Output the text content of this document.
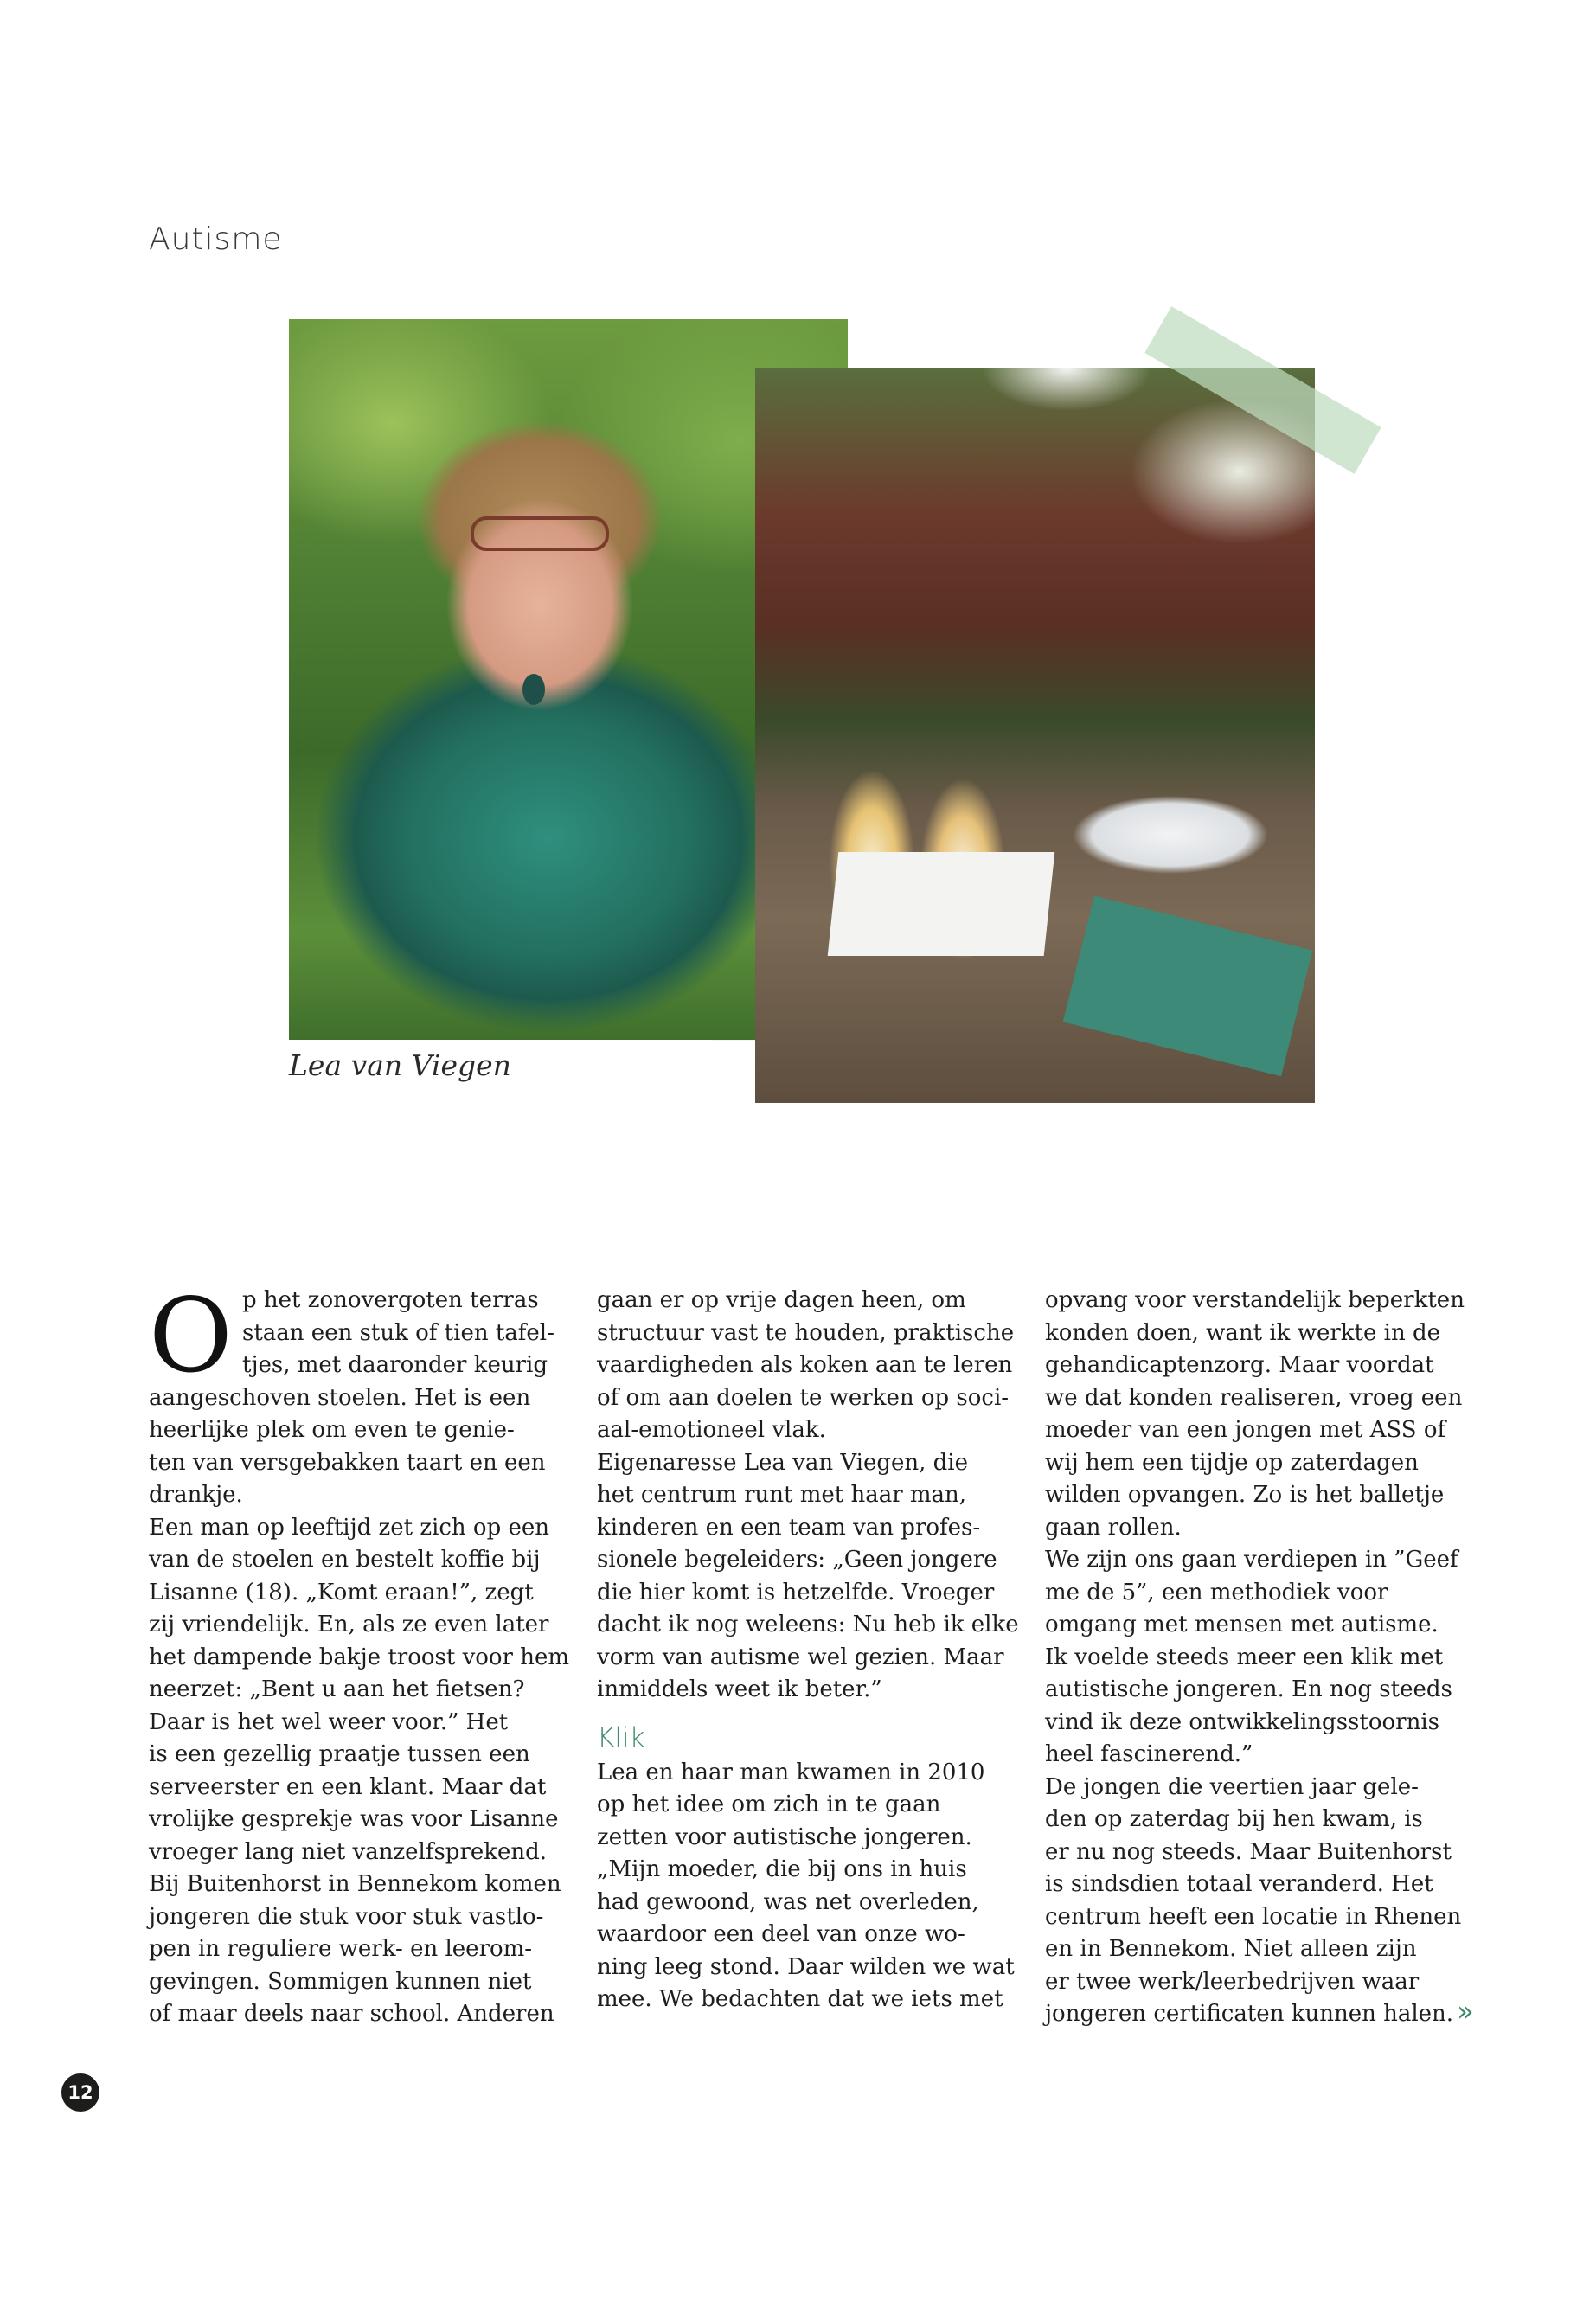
Autisme
Lea van Viegen
O p het zonovergoten terras
staan een stuk of tien tafel-
tjes, met daaronder keurig
aangeschoven stoelen. Het is een
heerlijke plek om even te genie-
ten van versgebakken taart en een
drankje.
Een man op leeftijd zet zich op een
van de stoelen en bestelt koffie bij
Lisanne (18). „Komt eraan!”, zegt
zij vriendelijk. En, als ze even later
het dampende bakje troost voor hem
neerzet: „Bent u aan het fietsen?
Daar is het wel weer voor.” Het
is een gezellig praatje tussen een
serveerster en een klant. Maar dat
vrolijke gesprekje was voor Lisanne
vroeger lang niet vanzelfsprekend.
Bij Buitenhorst in Bennekom komen
jongeren die stuk voor stuk vastlo-
pen in reguliere werk- en leerom-
gevingen. Sommigen kunnen niet
of maar deels naar school. Anderen
gaan er op vrije dagen heen, om
structuur vast te houden, praktische
vaardigheden als koken aan te leren
of om aan doelen te werken op soci-
aal-emotioneel vlak.
Eigenaresse Lea van Viegen, die
het centrum runt met haar man,
kinderen en een team van profes-
sionele begeleiders: „Geen jongere
die hier komt is hetzelfde. Vroeger
dacht ik nog weleens: Nu heb ik elke
vorm van autisme wel gezien. Maar
inmiddels weet ik beter.”
Klik
Lea en haar man kwamen in 2010
op het idee om zich in te gaan
zetten voor autistische jongeren.
„Mijn moeder, die bij ons in huis
had gewoond, was net overleden,
waardoor een deel van onze wo-
ning leeg stond. Daar wilden we wat
mee. We bedachten dat we iets met
opvang voor verstandelijk beperkten
konden doen, want ik werkte in de
gehandicaptenzorg. Maar voordat
we dat konden realiseren, vroeg een
moeder van een jongen met ASS of
wij hem een tijdje op zaterdagen
wilden opvangen. Zo is het balletje
gaan rollen.
We zijn ons gaan verdiepen in ”Geef
me de 5”, een methodiek voor
omgang met mensen met autisme.
Ik voelde steeds meer een klik met
autistische jongeren. En nog steeds
vind ik deze ontwikkelingsstoornis
heel fascinerend.”
De jongen die veertien jaar gele-
den op zaterdag bij hen kwam, is
er nu nog steeds. Maar Buitenhorst
is sindsdien totaal veranderd. Het
centrum heeft een locatie in Rhenen
en in Bennekom. Niet alleen zijn
er twee werk/leerbedrijven waar
jongeren certificaten kunnen halen. »
12
